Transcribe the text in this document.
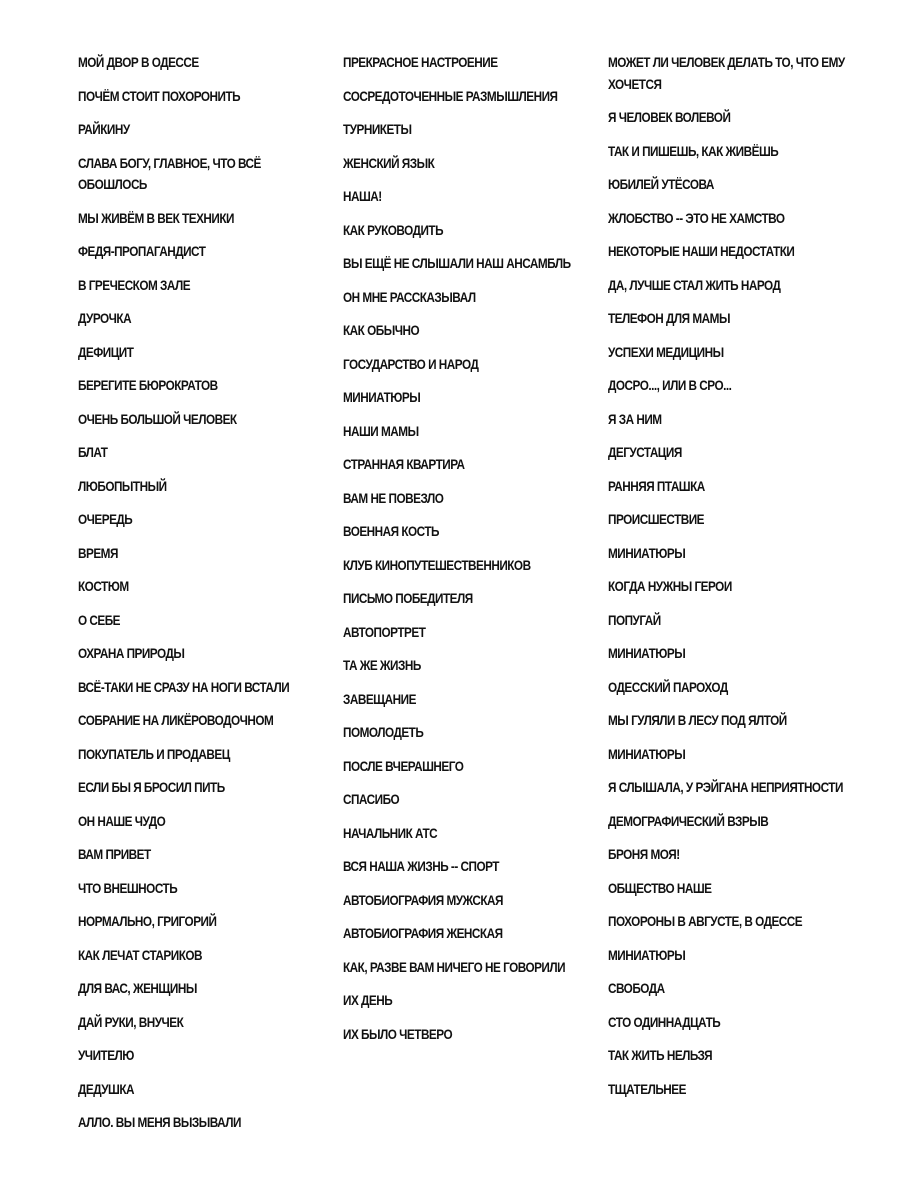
МОЙ ДВОР В ОДЕССЕ
ПОЧЁМ СТОИТ ПОХОРОНИТЬ
РАЙКИНУ
СЛАВА БОГУ, ГЛАВНОЕ, ЧТО ВСЁ ОБОШЛОСЬ
МЫ ЖИВЁМ В ВЕК ТЕХНИКИ
ФЕДЯ-ПРОПАГАНДИСТ
В ГРЕЧЕСКОМ ЗАЛЕ
ДУРОЧКА
ДЕФИЦИТ
БЕРЕГИТЕ БЮРОКРАТОВ
ОЧЕНЬ БОЛЬШОЙ ЧЕЛОВЕК
БЛАТ
ЛЮБОПЫТНЫЙ
ОЧЕРЕДЬ
ВРЕМЯ
КОСТЮМ
О СЕБЕ
ОХРАНА ПРИРОДЫ
ВСЁ-ТАКИ НЕ СРАЗУ НА НОГИ ВСТАЛИ
СОБРАНИЕ НА ЛИКЁРОВОДОЧНОМ
ПОКУПАТЕЛЬ И ПРОДАВЕЦ
ЕСЛИ БЫ Я БРОСИЛ ПИТЬ
ОН НАШЕ ЧУДО
ВАМ ПРИВЕТ
ЧТО ВНЕШНОСТЬ
НОРМАЛЬНО, ГРИГОРИЙ
КАК ЛЕЧАТ СТАРИКОВ
ДЛЯ ВАС, ЖЕНЩИНЫ
ДАЙ РУКИ, ВНУЧЕК
УЧИТЕЛЮ
ДЕДУШКА
АЛЛО. ВЫ МЕНЯ ВЫЗЫВАЛИ
ПРЕКРАСНОЕ НАСТРОЕНИЕ
СОСРЕДОТОЧЕННЫЕ РАЗМЫШЛЕНИЯ
ТУРНИКЕТЫ
ЖЕНСКИЙ ЯЗЫК
НАША!
КАК РУКОВОДИТЬ
ВЫ ЕЩЁ НЕ СЛЫШАЛИ НАШ АНСАМБЛЬ
ОН МНЕ РАССКАЗЫВАЛ
КАК ОБЫЧНО
ГОСУДАРСТВО И НАРОД
МИНИАТЮРЫ
НАШИ МАМЫ
СТРАННАЯ КВАРТИРА
ВАМ НЕ ПОВЕЗЛО
ВОЕННАЯ КОСТЬ
КЛУБ КИНОПУТЕШЕСТВЕННИКОВ
ПИСЬМО ПОБЕДИТЕЛЯ
АВТОПОРТРЕТ
ТА ЖЕ ЖИЗНЬ
ЗАВЕЩАНИЕ
ПОМОЛОДЕТЬ
ПОСЛЕ ВЧЕРАШНЕГО
СПАСИБО
НАЧАЛЬНИК АТС
ВСЯ НАША ЖИЗНЬ -- СПОРТ
АВТОБИОГРАФИЯ МУЖСКАЯ
АВТОБИОГРАФИЯ ЖЕНСКАЯ
КАК, РАЗВЕ ВАМ НИЧЕГО НЕ ГОВОРИЛИ
ИХ ДЕНЬ
ИХ БЫЛО ЧЕТВЕРО
МОЖЕТ ЛИ ЧЕЛОВЕК ДЕЛАТЬ ТО, ЧТО ЕМУ ХОЧЕТСЯ
Я ЧЕЛОВЕК ВОЛЕВОЙ
ТАК И ПИШЕШЬ, КАК ЖИВЁШЬ
ЮБИЛЕЙ УТЁСОВА
ЖЛОБСТВО -- ЭТО НЕ ХАМСТВО
НЕКОТОРЫЕ НАШИ НЕДОСТАТКИ
ДА, ЛУЧШЕ СТАЛ ЖИТЬ НАРОД
ТЕЛЕФОН ДЛЯ МАМЫ
УСПЕХИ МЕДИЦИНЫ
ДОСРО..., ИЛИ В СРО...
Я ЗА НИМ
ДЕГУСТАЦИЯ
РАННЯЯ ПТАШКА
ПРОИСШЕСТВИЕ
МИНИАТЮРЫ
КОГДА НУЖНЫ ГЕРОИ
ПОПУГАЙ
МИНИАТЮРЫ
ОДЕССКИЙ ПАРОХОД
МЫ ГУЛЯЛИ В ЛЕСУ ПОД ЯЛТОЙ
МИНИАТЮРЫ
Я СЛЫШАЛА, У РЭЙГАНА НЕПРИЯТНОСТИ
ДЕМОГРАФИЧЕСКИЙ ВЗРЫВ
БРОНЯ МОЯ!
ОБЩЕСТВО НАШЕ
ПОХОРОНЫ В АВГУСТЕ, В ОДЕССЕ
МИНИАТЮРЫ
СВОБОДА
СТО ОДИННАДЦАТЬ
ТАК ЖИТЬ НЕЛЬЗЯ
ТЩАТЕЛЬНЕЕ
